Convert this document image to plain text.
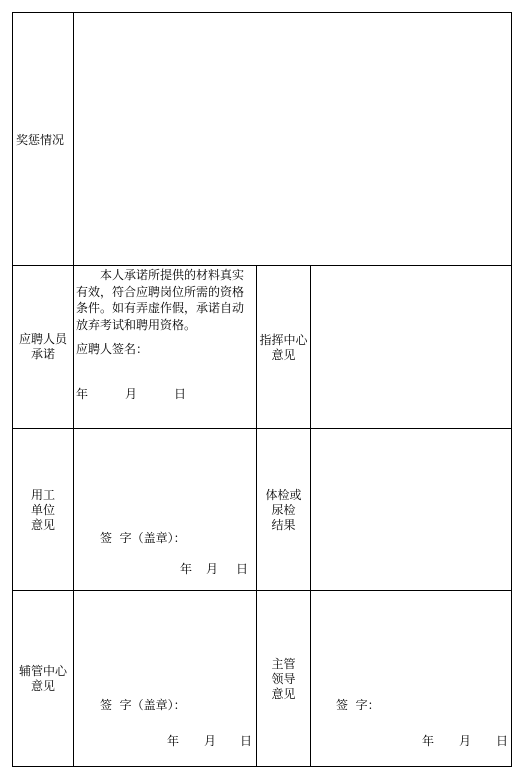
奖惩情况
应聘人员
承诺
本人承诺所提供的材料真实有效，符合应聘岗位所需的资格条件。如有弄虚作假，承诺自动放弃考试和聘用资格。
应聘人签名：
年	月	日
指挥中心
意见
用工
单位
意见
签  字（盖章）：
年 月 日
体检或
尿检
结果
辅管中心
意见
签  字（盖章）：
年 月 日
主管
领导
意见
签  字：
年 月 日
